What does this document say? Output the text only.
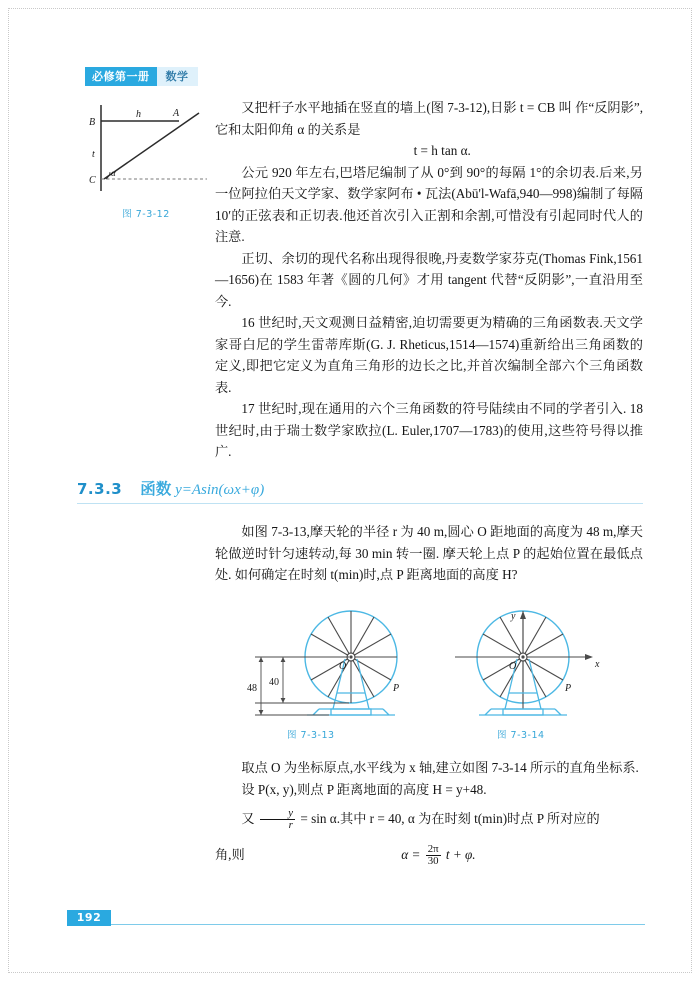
必修第一册	数学
B
A
C
h
t
α
图 7-3-12

又把杆子水平地插在竖直的墙上(图 7-3-12),日影 t = CB 叫 作“反阴影”,它和太阳仰角 α 的关系是

t = h tan α.

公元 920 年左右,巴塔尼编制了从 0°到 90°的每隔 1°的余切表.后来,另一位阿拉伯天文学家、数学家阿布 • 瓦法(Abū'l-Wafā,940—998)编制了每隔 10′的正弦表和正切表.他还首次引入正割和余割,可惜没有引起同时代人的注意.

正切、余切的现代名称出现得很晚,丹麦数学家芬克(Thomas Fink,1561—1656)在 1583 年著《圆的几何》才用 tangent 代替“反阴影”,一直沿用至今.

16 世纪时,天文观测日益精密,迫切需要更为精确的三角函数表.天文学家哥白尼的学生雷蒂库斯(G. J. Rheticus,1514—1574)重新给出三角函数的定义,即把它定义为直角三角形的边长之比,并首次编制全部六个三角函数表.

17 世纪时,现在通用的六个三角函数的符号陆续由不同的学者引入. 18 世纪时,由于瑞士数学家欧拉(L. Euler,1707—1783)的使用,这些符号得以推广.

7.3.3 函数 y=Asin(ωx+φ)

如图 7-3-13,摩天轮的半径 r 为 40 m,圆心 O 距地面的高度为 48 m,摩天轮做逆时针匀速转动,每 30 min 转一圈. 摩天轮上点 P 的起始位置在最低点处. 如何确定在时刻 t(min)时,点 P 距离地面的高度 H?

48
40
O
P
O
P
x
y
图 7-3-13	图 7-3-14

取点 O 为坐标原点,水平线为 x 轴,建立如图 7-3-14 所示的直角坐标系.

设 P(x, y),则点 P 距离地面的高度 H = y+48.

又 $\frac{y}{r} = \sin \alpha$.其中 r = 40, α 为在时刻 t(min)时点 P 所对应的

角,则	$\alpha = \frac{2\pi}{30}$ t + φ.

192
